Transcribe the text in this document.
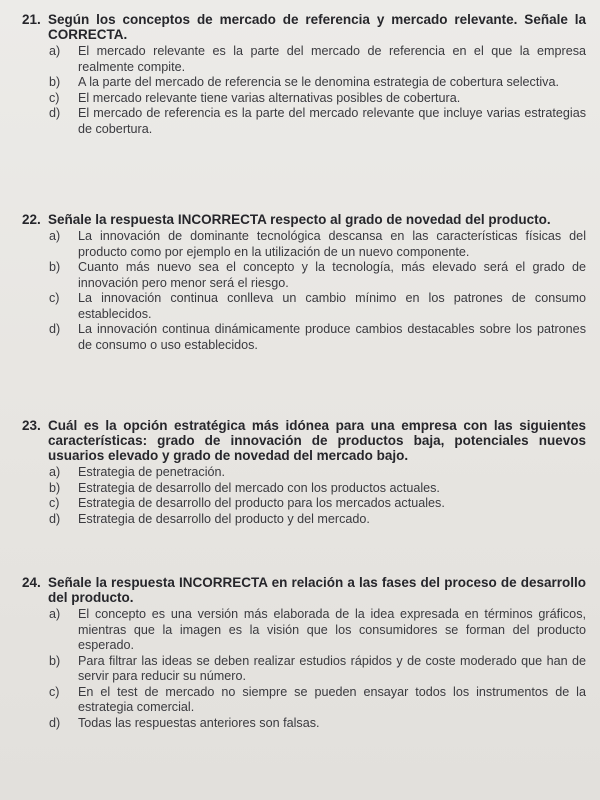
21. Según los conceptos de mercado de referencia y mercado relevante. Señale la CORRECTA.
a) El mercado relevante es la parte del mercado de referencia en el que la empresa realmente compite.
b) A la parte del mercado de referencia se le denomina estrategia de cobertura selectiva.
c) El mercado relevante tiene varias alternativas posibles de cobertura.
d) El mercado de referencia es la parte del mercado relevante que incluye varias estrategias de cobertura.
22. Señale la respuesta INCORRECTA respecto al grado de novedad del producto.
a) La innovación de dominante tecnológica descansa en las características físicas del producto como por ejemplo en la utilización de un nuevo componente.
b) Cuanto más nuevo sea el concepto y la tecnología, más elevado será el grado de innovación pero menor será el riesgo.
c) La innovación continua conlleva un cambio mínimo en los patrones de consumo establecidos.
d) La innovación continua dinámicamente produce cambios destacables sobre los patrones de consumo o uso establecidos.
23. Cuál es la opción estratégica más idónea para una empresa con las siguientes características: grado de innovación de productos baja, potenciales nuevos usuarios elevado y grado de novedad del mercado bajo.
a) Estrategia de penetración.
b) Estrategia de desarrollo del mercado con los productos actuales.
c) Estrategia de desarrollo del producto para los mercados actuales.
d) Estrategia de desarrollo del producto y del mercado.
24. Señale la respuesta INCORRECTA en relación a las fases del proceso de desarrollo del producto.
a) El concepto es una versión más elaborada de la idea expresada en términos gráficos, mientras que la imagen es la visión que los consumidores se forman del producto esperado.
b) Para filtrar las ideas se deben realizar estudios rápidos y de coste moderado que han de servir para reducir su número.
c) En el test de mercado no siempre se pueden ensayar todos los instrumentos de la estrategia comercial.
d) Todas las respuestas anteriores son falsas.
